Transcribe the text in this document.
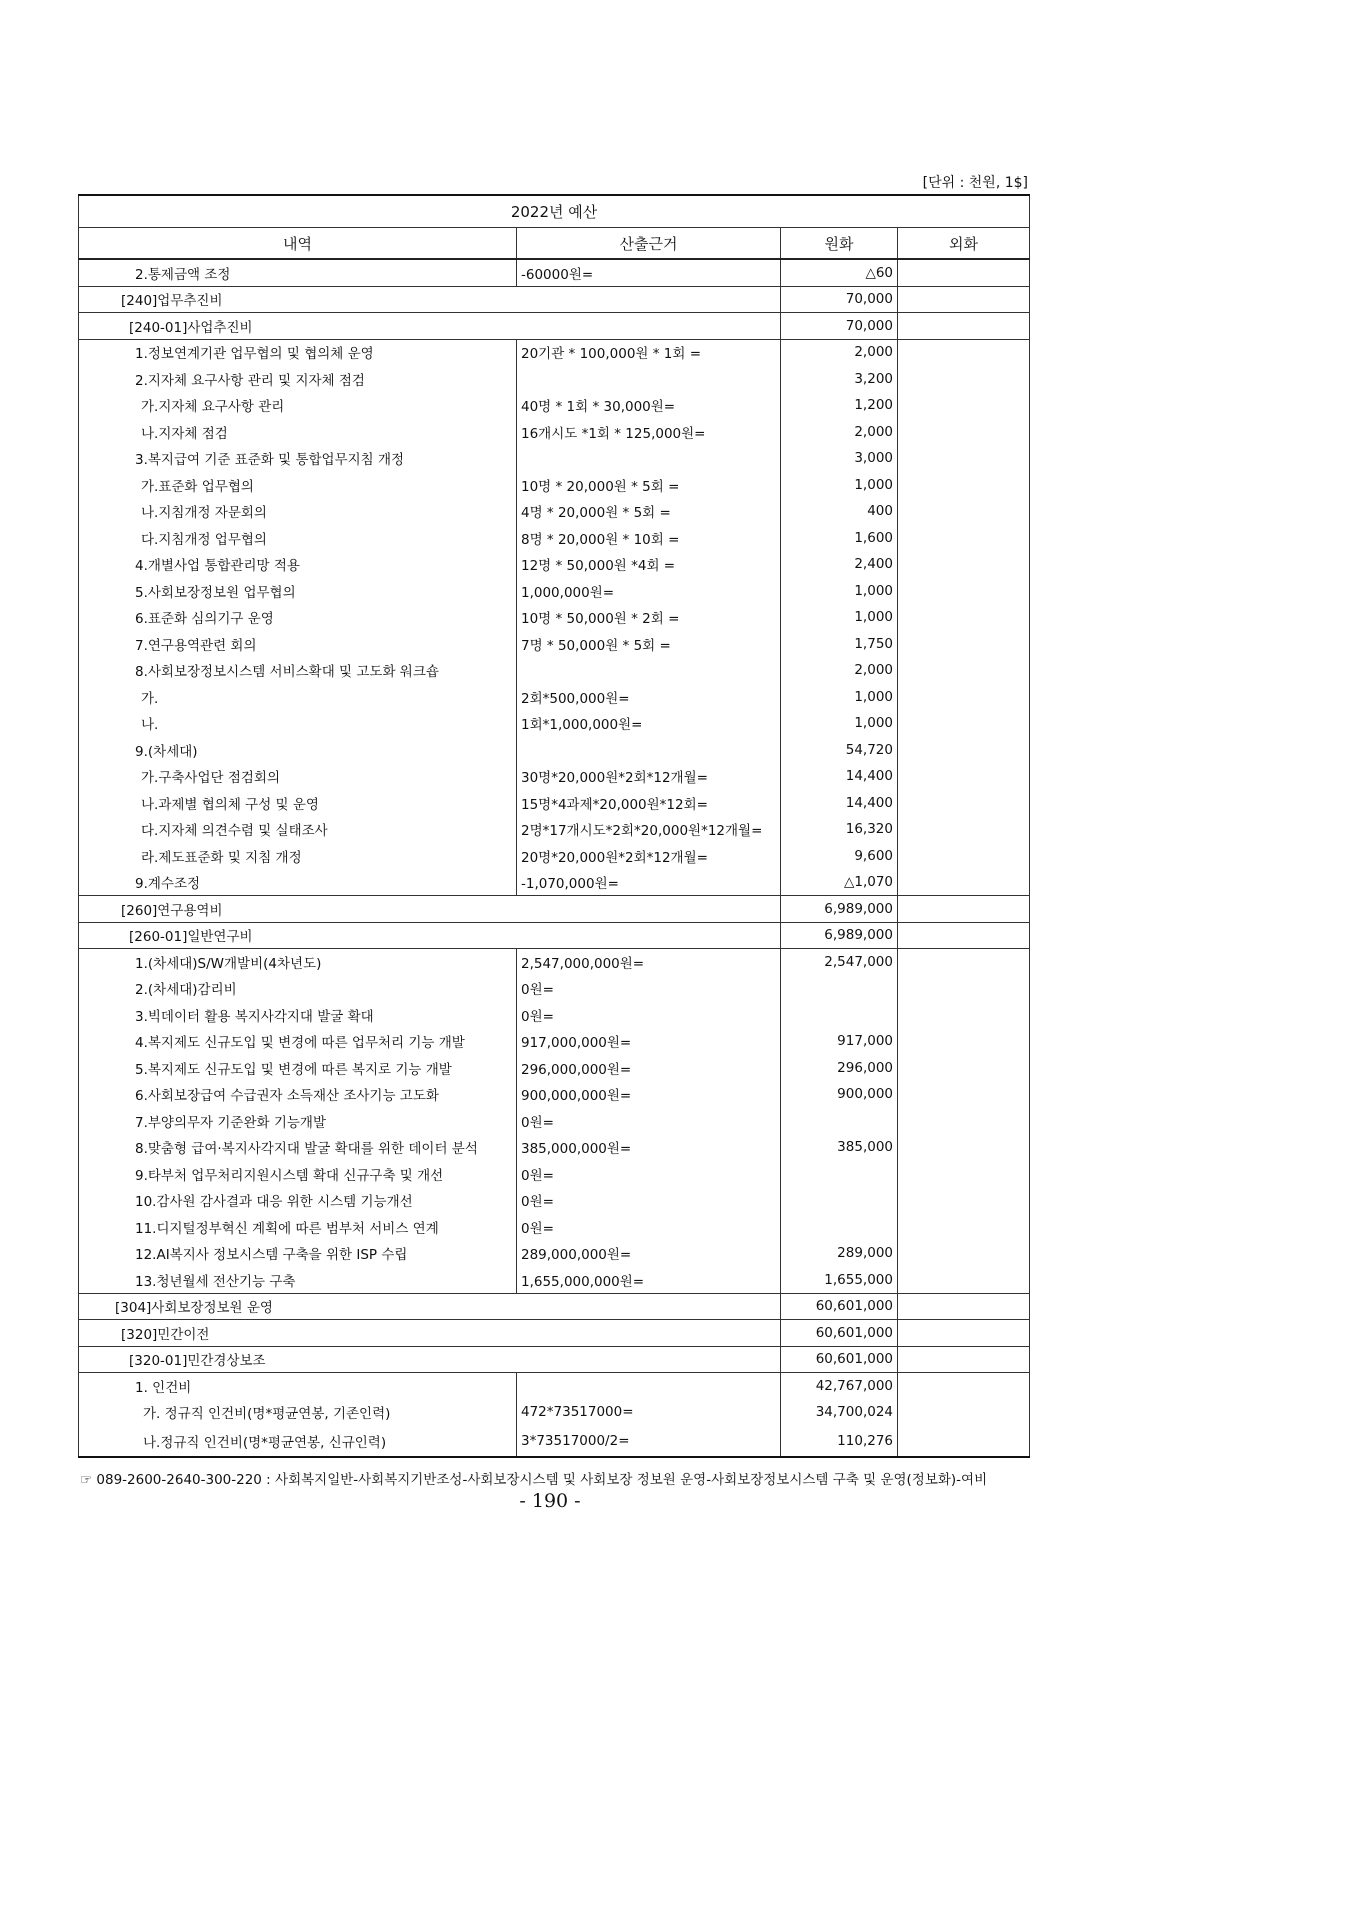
[단위 : 천원, 1$]
2022년 예산			
내역	산출근거	원화	외화
2.통제금액 조정	-60000원=	△60	
[240]업무추진비		70,000	
[240-01]사업추진비		70,000	
1.정보연계기관 업무협의 및 협의체 운영	20기관 * 100,000원 * 1회 =	2,000	
2.지자체 요구사항 관리 및 지자체 점검		3,200	
가.지자체 요구사항 관리	40명 * 1회 * 30,000원=	1,200	
나.지자체 점검	16개시도 *1회 * 125,000원=	2,000	
3.복지급여 기준 표준화 및 통합업무지침 개정		3,000	
가.표준화 업무협의	10명 * 20,000원 * 5회 =	1,000	
나.지침개정 자문회의	4명 * 20,000원 * 5회 =	400	
다.지침개정 업무협의	8명 * 20,000원 * 10회 =	1,600	
4.개별사업 통합관리망 적용	12명 * 50,000원 *4회 =	2,400	
5.사회보장정보원 업무협의	1,000,000원=	1,000	
6.표준화 심의기구 운영	10명 * 50,000원 * 2회 =	1,000	
7.연구용역관련 회의	7명 * 50,000원 * 5회 =	1,750	
8.사회보장정보시스템 서비스확대 및 고도화 워크숍		2,000	
가.	2회*500,000원=	1,000	
나.	1회*1,000,000원=	1,000	
9.(차세대)		54,720	
가.구축사업단 점검회의	30명*20,000원*2회*12개월=	14,400	
나.과제별 협의체 구성 및 운영	15명*4과제*20,000원*12회=	14,400	
다.지자체 의견수렴 및 실태조사	2명*17개시도*2회*20,000원*12개월=	16,320	
라.제도표준화 및 지침 개정	20명*20,000원*2회*12개월=	9,600	
9.계수조정	-1,070,000원=	△1,070	
[260]연구용역비		6,989,000	
[260-01]일반연구비		6,989,000	
1.(차세대)S/W개발비(4차년도)	2,547,000,000원=	2,547,000	
2.(차세대)감리비	0원=		
3.빅데이터 활용 복지사각지대 발굴 확대	0원=		
4.복지제도 신규도입 및 변경에 따른 업무처리 기능 개발	917,000,000원=	917,000	
5.복지제도 신규도입 및 변경에 따른 복지로 기능 개발	296,000,000원=	296,000	
6.사회보장급여 수급권자 소득재산 조사기능 고도화	900,000,000원=	900,000	
7.부양의무자 기준완화 기능개발	0원=		
8.맞춤형 급여·복지사각지대 발굴 확대를 위한 데이터 분석	385,000,000원=	385,000	
9.타부처 업무처리지원시스템 확대 신규구축 및 개선	0원=		
10.감사원 감사결과 대응 위한 시스템 기능개선	0원=		
11.디지털정부혁신 계획에 따른 범부처 서비스 연계	0원=		
12.AI복지사 정보시스템 구축을 위한 ISP 수립	289,000,000원=	289,000	
13.청년월세 전산기능 구축	1,655,000,000원=	1,655,000	
[304]사회보장정보원 운영		60,601,000	
[320]민간이전		60,601,000	
[320-01]민간경상보조		60,601,000	
1. 인건비		42,767,000	
가. 정규직 인건비(명*평균연봉, 기존인력)	472*73517000=	34,700,024	
나.정규직 인건비(명*평균연봉, 신규인력)	3*73517000/2=	110,276	
☞ 089-2600-2640-300-220 : 사회복지일반-사회복지기반조성-사회보장시스템 및 사회보장 정보원 운영-사회보장정보시스템 구축 및 운영(정보화)-여비
- 190 -
